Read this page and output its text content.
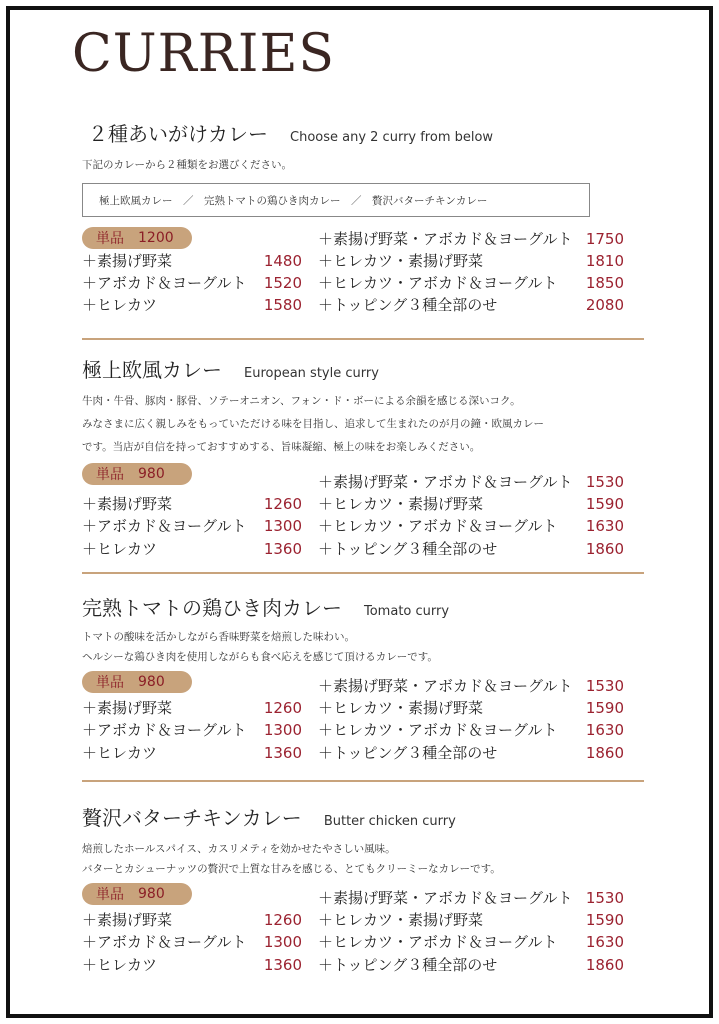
CURRIES
２種あいがけカレー Choose any 2 curry from below
下記のカレーから２種類をお選びください。
極上欧風カレー　／　完熟トマトの鶏ひき肉カレー　／　贅沢バターチキンカレー
単品 1200
＋素揚げ野菜	1480
＋アボカド＆ヨーグルト 1520
＋ヒレカツ	1580
＋素揚げ野菜・アボカド＆ヨーグルト 1750
＋ヒレカツ・素揚げ野菜	1810
＋ヒレカツ・アボカド＆ヨーグルト 1850
＋トッピング３種全部のせ	2080
極上欧風カレー European style curry
牛肉・牛骨、豚肉・豚骨、ソテーオニオン、フォン・ド・ボーによる余韻を感じる深いコク。
みなさまに広く親しみをもっていただける味を目指し、追求して生まれたのが月の鐘・欧風カレー
です。当店が自信を持っておすすめする、旨味凝縮、極上の味をお楽しみください。
単品 980
＋素揚げ野菜	1260
＋アボカド＆ヨーグルト 1300
＋ヒレカツ	1360
＋素揚げ野菜・アボカド＆ヨーグルト 1530
＋ヒレカツ・素揚げ野菜	1590
＋ヒレカツ・アボカド＆ヨーグルト 1630
＋トッピング３種全部のせ	1860
完熟トマトの鶏ひき肉カレー Tomato curry
トマトの酸味を活かしながら香味野菜を焙煎した味わい。
ヘルシーな鶏ひき肉を使用しながらも食べ応えを感じて頂けるカレーです。
単品 980
＋素揚げ野菜	1260
＋アボカド＆ヨーグルト 1300
＋ヒレカツ	1360
＋素揚げ野菜・アボカド＆ヨーグルト 1530
＋ヒレカツ・素揚げ野菜	1590
＋ヒレカツ・アボカド＆ヨーグルト 1630
＋トッピング３種全部のせ	1860
贅沢バターチキンカレー Butter chicken curry
焙煎したホールスパイス、カスリメティを効かせたやさしい風味。
バターとカシューナッツの贅沢で上質な甘みを感じる、とてもクリーミーなカレーです。
単品 980
＋素揚げ野菜	1260
＋アボカド＆ヨーグルト 1300
＋ヒレカツ	1360
＋素揚げ野菜・アボカド＆ヨーグルト 1530
＋ヒレカツ・素揚げ野菜	1590
＋ヒレカツ・アボカド＆ヨーグルト 1630
＋トッピング３種全部のせ	1860
